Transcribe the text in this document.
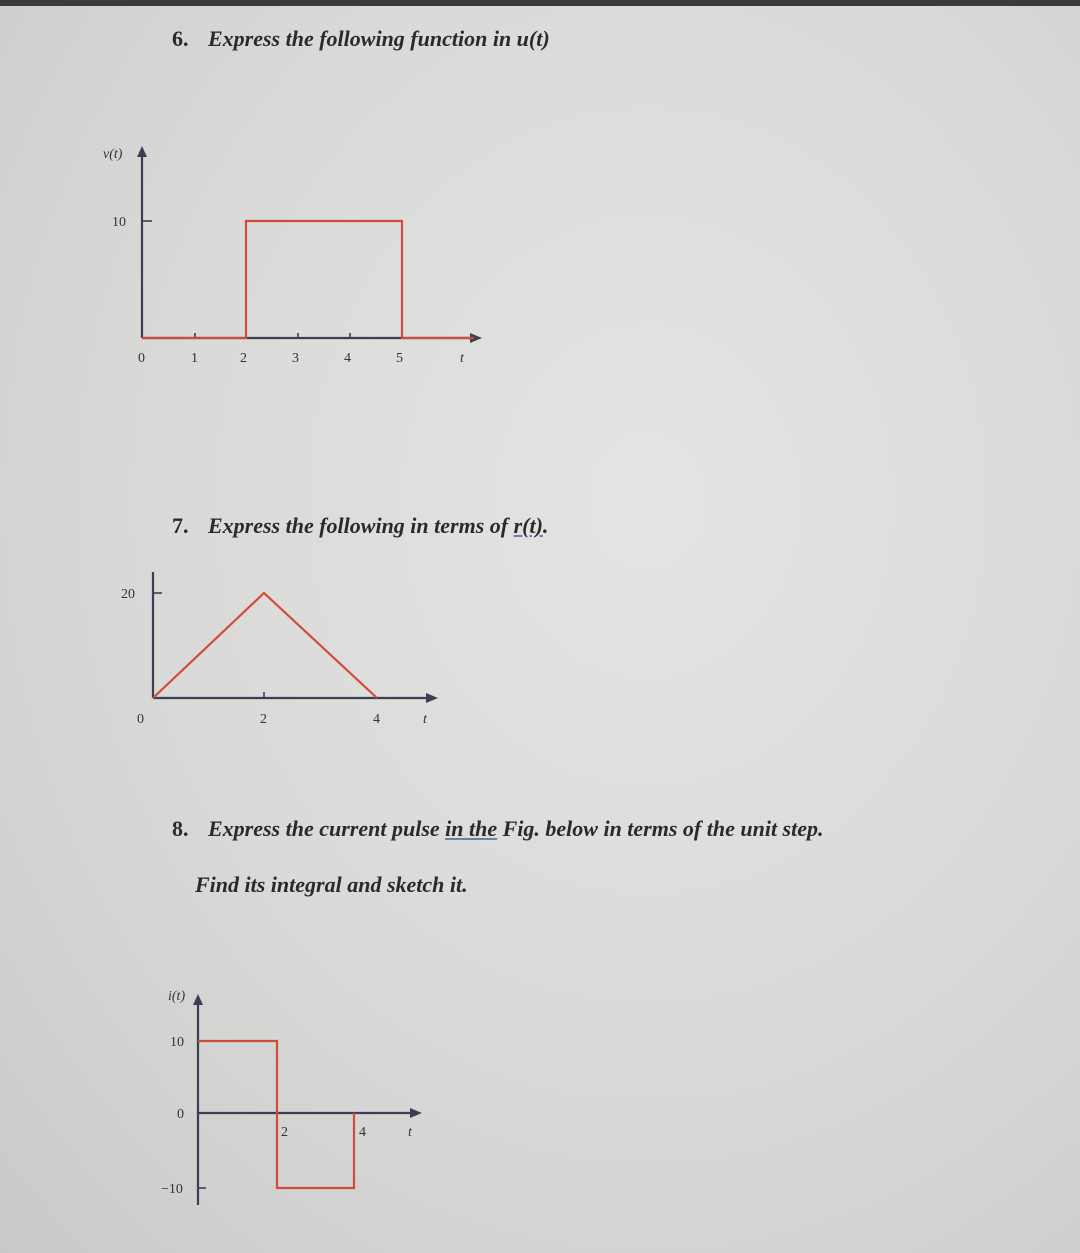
6. Express the following function in u(t)
v(t)
10
0	1	2	3	4	5	t
7. Express the following in terms of r(t).
20
0	2	4	t
8. Express the current pulse in the Fig. below in terms of the unit step.
Find its integral and sketch it.
i(t)
10
0
−10
2	4	t
